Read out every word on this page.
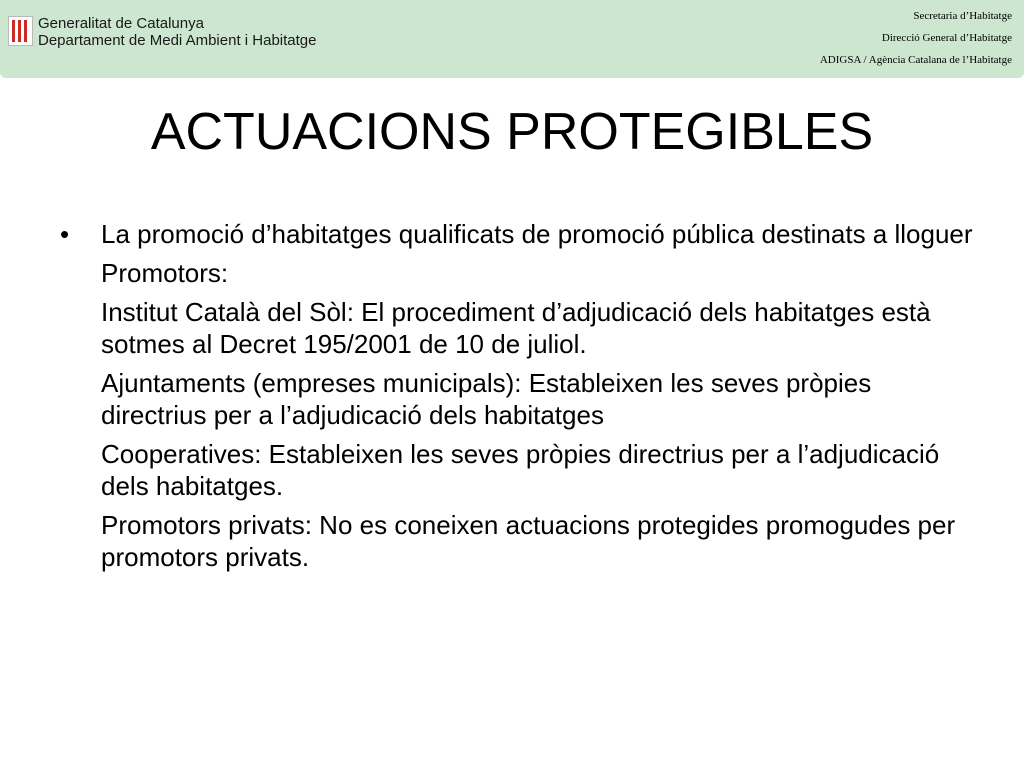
Generalitat de Catalunya
Departament de Medi Ambient i Habitatge
Secretaria d’Habitatge
Direcció General d’Habitatge
ADIGSA / Agència Catalana de l’Habitatge
ACTUACIONS PROTEGIBLES
• La promoció d’habitatges qualificats de promoció pública destinats a lloguer
Promotors:
Institut Català del Sòl: El procediment d’adjudicació dels habitatges està sotmes al Decret 195/2001 de 10 de juliol.
Ajuntaments (empreses municipals): Estableixen les seves pròpies directrius per a l’adjudicació dels habitatges
Cooperatives: Estableixen les seves pròpies directrius per a l’adjudicació dels habitatges.
Promotors privats: No es coneixen actuacions protegides promogudes per promotors privats.
